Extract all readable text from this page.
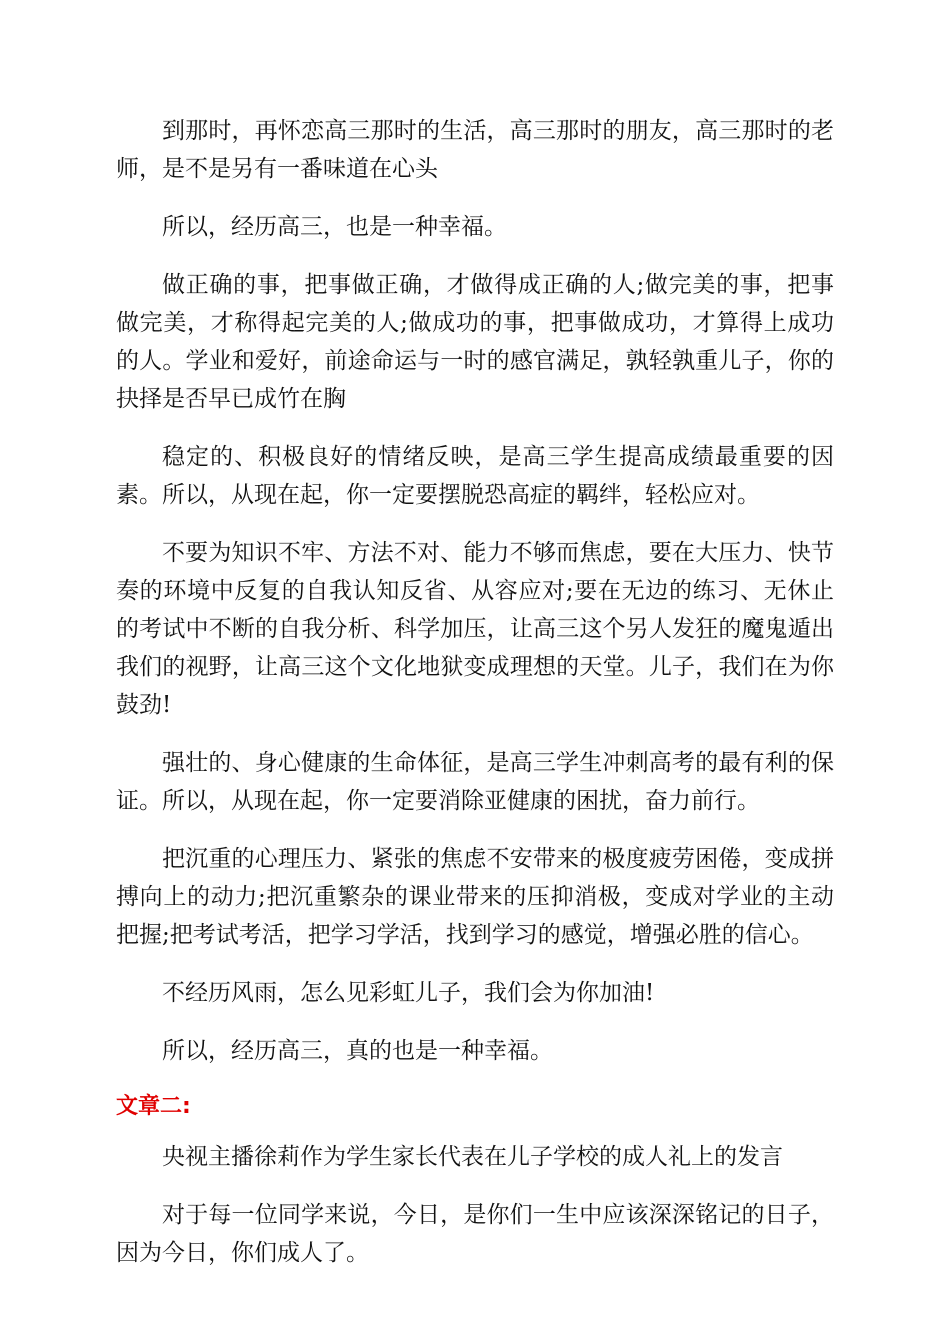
到那时，再怀恋高三那时的生活，高三那时的朋友，高三那时的老师，是不是另有一番味道在心头

所以，经历高三，也是一种幸福。

做正确的事，把事做正确，才做得成正确的人;做完美的事，把事做完美，才称得起完美的人;做成功的事，把事做成功，才算得上成功的人。学业和爱好，前途命运与一时的感官满足，孰轻孰重儿子，你的抉择是否早已成竹在胸

稳定的、积极良好的情绪反映，是高三学生提高成绩最重要的因素。所以，从现在起，你一定要摆脱恐高症的羁绊，轻松应对。

不要为知识不牢、方法不对、能力不够而焦虑，要在大压力、快节奏的环境中反复的自我认知反省、从容应对;要在无边的练习、无休止的考试中不断的自我分析、科学加压，让高三这个另人发狂的魔鬼遁出我们的视野，让高三这个文化地狱变成理想的天堂。儿子，我们在为你鼓劲!

强壮的、身心健康的生命体征，是高三学生冲刺高考的最有利的保证。所以，从现在起，你一定要消除亚健康的困扰，奋力前行。

把沉重的心理压力、紧张的焦虑不安带来的极度疲劳困倦，变成拼搏向上的动力;把沉重繁杂的课业带来的压抑消极，变成对学业的主动把握;把考试考活，把学习学活，找到学习的感觉，增强必胜的信心。

不经历风雨，怎么见彩虹儿子，我们会为你加油!

所以，经历高三，真的也是一种幸福。

文章二:

央视主播徐莉作为学生家长代表在儿子学校的成人礼上的发言

对于每一位同学来说，今日，是你们一生中应该深深铭记的日子，因为今日，你们成人了。
